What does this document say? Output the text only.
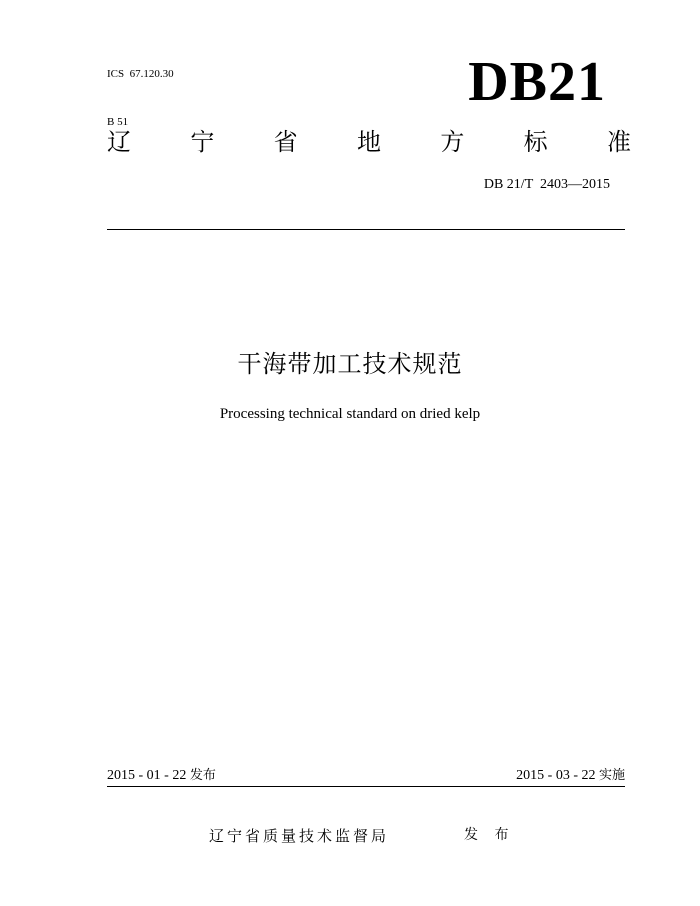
ICS  67.120.30

B 51

DB21
辽 宁 省 地 方 标 准
DB 21/T  2403—2015
干海带加工技术规范
Processing technical standard on dried kelp
2015 - 01 - 22 发布	2015 - 03 - 22 实施
辽宁省质量技术监督局	发 布
